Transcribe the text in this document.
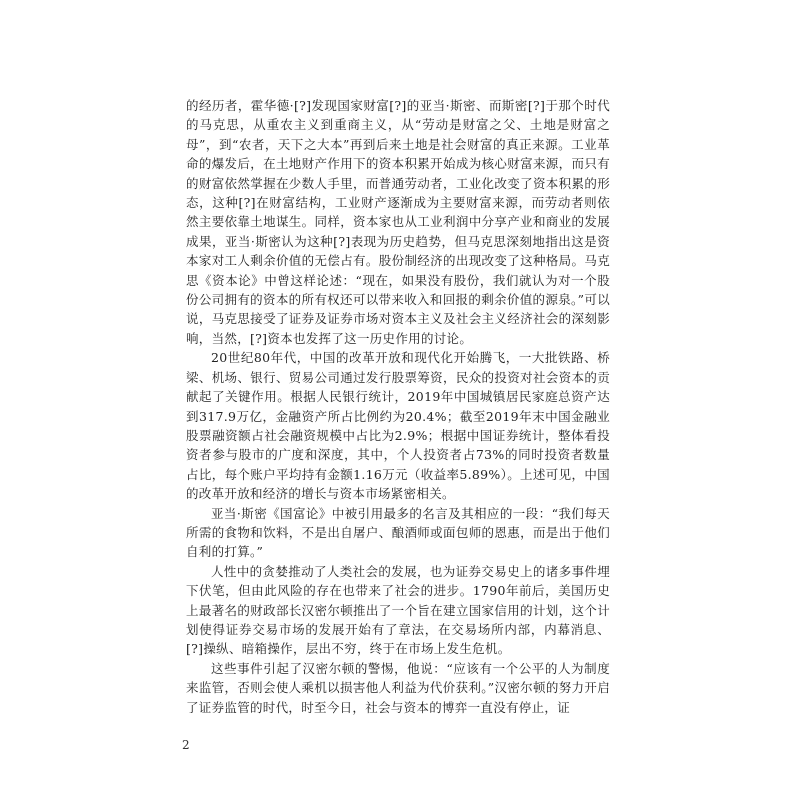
的经历者，霍华德·[?]发现国家财富[?]的亚当·斯密、而斯密[?]于那个时代的马克思，从重农主义到重商主义，从“劳动是财富之父、土地是财富之母”，到“农者，天下之大本”再到后来土地是社会财富的真正来源。工业革命的爆发后，在土地财产作用下的资本积累开始成为核心财富来源，而只有的财富依然掌握在少数人手里，而普通劳动者，工业化改变了资本积累的形态，这种[?]在财富结构，工业财产逐渐成为主要财富来源，而劳动者则依然主要依靠土地谋生。同样，资本家也从工业利润中分享产业和商业的发展成果，亚当·斯密认为这种[?]表现为历史趋势，但马克思深刻地指出这是资本家对工人剩余价值的无偿占有。股份制经济的出现改变了这种格局。马克思《资本论》中曾这样论述：“现在，如果没有股份，我们就认为对一个股份公司拥有的资本的所有权还可以带来收入和回报的剩余价值的源泉。”可以说，马克思接受了证券及证券市场对资本主义及社会主义经济社会的深刻影响，当然，[?]资本也发挥了这一历史作用的讨论。

20世纪80年代，中国的改革开放和现代化开始腾飞，一大批铁路、桥梁、机场、银行、贸易公司通过发行股票筹资，民众的投资对社会资本的贡献起了关键作用。根据人民银行统计，2019年中国城镇居民家庭总资产达到317.9万亿，金融资产所占比例约为20.4%；截至2019年末中国金融业股票融资额占社会融资规模中占比为2.9%；根据中国证券统计，整体看投资者参与股市的广度和深度，其中，个人投资者占73%的同时投资者数量占比，每个账户平均持有金额1.16万元（收益率5.89%）。上述可见，中国的改革开放和经济的增长与资本市场紧密相关。

亚当·斯密《国富论》中被引用最多的名言及其相应的一段：“我们每天所需的食物和饮料，不是出自屠户、酿酒师或面包师的恩惠，而是出于他们自利的打算。”

人性中的贪婪推动了人类社会的发展，也为证券交易史上的诸多事件埋下伏笔，但由此风险的存在也带来了社会的进步。1790年前后，美国历史上最著名的财政部长汉密尔顿推出了一个旨在建立国家信用的计划，这个计划使得证券交易市场的发展开始有了章法，在交易场所内部，内幕消息、[?]操纵、暗箱操作，层出不穷，终于在市场上发生危机。

这些事件引起了汉密尔顿的警惕，他说：“应该有一个公平的人为制度来监管，否则会使人乘机以损害他人利益为代价获利。”汉密尔顿的努力开启了证券监管的时代，时至今日，社会与资本的博弈一直没有停止，证

2
